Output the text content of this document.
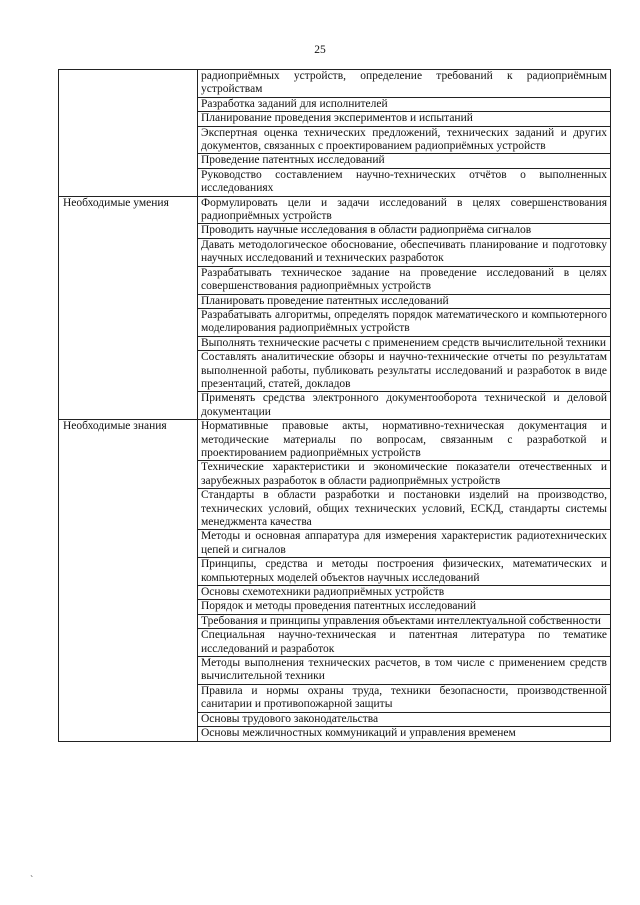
25
	радиоприёмных устройств, определение требований к радиоприёмным устройствам
	Разработка заданий для исполнителей
	Планирование проведения экспериментов и испытаний
	Экспертная оценка технических предложений, технических заданий и других документов, связанных с проектированием радиоприёмных устройств
	Проведение патентных исследований
	Руководство составлением научно-технических отчётов о выполненных исследованиях
Необходимые умения	Формулировать цели и задачи исследований в целях совершенствования радиоприёмных устройств
	Проводить научные исследования в области радиоприёма сигналов
	Давать методологическое обоснование, обеспечивать планирование и подготовку научных исследований и технических разработок
	Разрабатывать техническое задание на проведение исследований в целях совершенствования радиоприёмных устройств
	Планировать проведение патентных исследований
	Разрабатывать алгоритмы, определять порядок математического и компьютерного моделирования радиоприёмных устройств
	Выполнять технические расчеты с применением средств вычислительной техники
	Составлять аналитические обзоры и научно-технические отчеты по результатам выполненной работы, публиковать результаты исследований и разработок в виде презентаций, статей, докладов
	Применять средства электронного документооборота технической и деловой документации
Необходимые знания	Нормативные правовые акты, нормативно-техническая документация и методические материалы по вопросам, связанным с разработкой и проектированием радиоприёмных устройств
	Технические характеристики и экономические показатели отечественных и зарубежных разработок в области радиоприёмных устройств
	Стандарты в области разработки и постановки изделий на производство, технических условий, общих технических условий, ЕСКД, стандарты системы менеджмента качества
	Методы и основная аппаратура для измерения характеристик радиотехнических цепей и сигналов
	Принципы, средства и методы построения физических, математических и компьютерных моделей объектов научных исследований
	Основы схемотехники радиоприёмных устройств
	Порядок и методы проведения патентных исследований
	Требования и принципы управления объектами интеллектуальной собственности
	Специальная научно-техническая и патентная литература по тематике исследований и разработок
	Методы выполнения технических расчетов, в том числе с применением средств вычислительной техники
	Правила и нормы охраны труда, техники безопасности, производственной санитарии и противопожарной защиты
	Основы трудового законодательства
	Основы межличностных коммуникаций и управления временем
`
